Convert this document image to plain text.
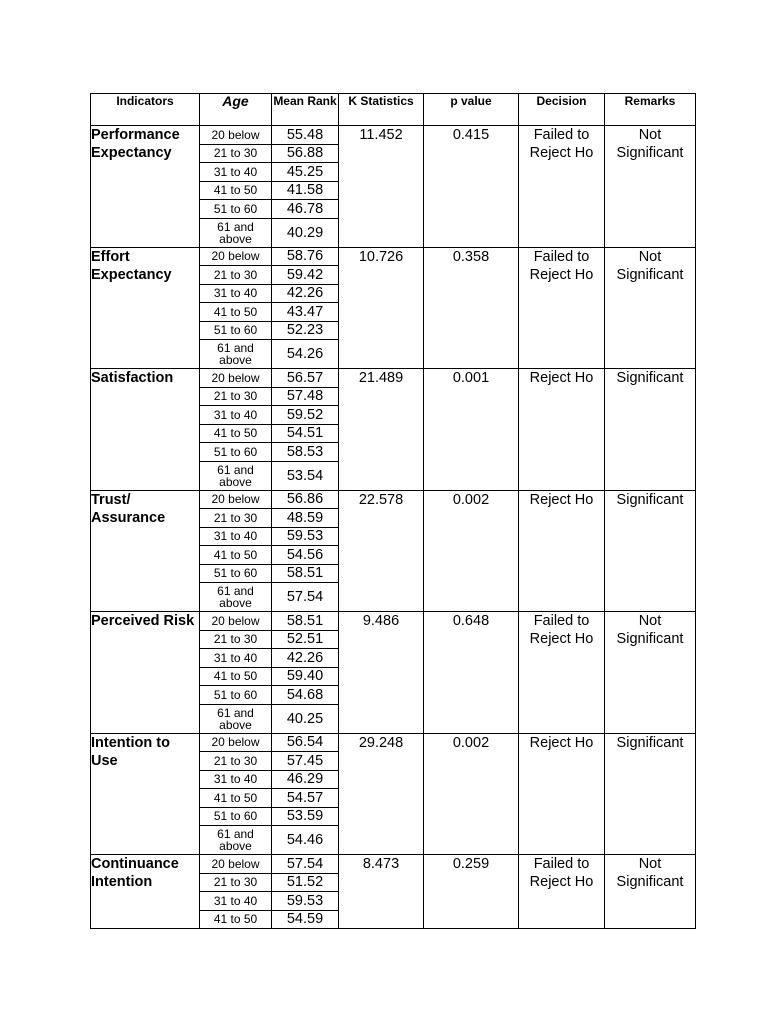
Indicators	Age	Mean Rank	K Statistics	p value	Decision	Remarks
Performance Expectancy	20 below	55.48	11.452	0.415	Failed to Reject Ho	Not Significant
	21 to 30	56.88				
	31 to 40	45.25				
	41 to 50	41.58				
	51 to 60	46.78				
	61 and above	40.29				
Effort Expectancy	20 below	58.76	10.726	0.358	Failed to Reject Ho	Not Significant
	21 to 30	59.42				
	31 to 40	42.26				
	41 to 50	43.47				
	51 to 60	52.23				
	61 and above	54.26				
Satisfaction	20 below	56.57	21.489	0.001	Reject Ho	Significant
	21 to 30	57.48				
	31 to 40	59.52				
	41 to 50	54.51				
	51 to 60	58.53				
	61 and above	53.54				
Trust/ Assurance	20 below	56.86	22.578	0.002	Reject Ho	Significant
	21 to 30	48.59				
	31 to 40	59.53				
	41 to 50	54.56				
	51 to 60	58.51				
	61 and above	57.54				
Perceived Risk	20 below	58.51	9.486	0.648	Failed to Reject Ho	Not Significant
	21 to 30	52.51				
	31 to 40	42.26				
	41 to 50	59.40				
	51 to 60	54.68				
	61 and above	40.25				
Intention to Use	20 below	56.54	29.248	0.002	Reject Ho	Significant
	21 to 30	57.45				
	31 to 40	46.29				
	41 to 50	54.57				
	51 to 60	53.59				
	61 and above	54.46				
Continuance Intention	20 below	57.54	8.473	0.259	Failed to Reject Ho	Not Significant
	21 to 30	51.52				
	31 to 40	59.53				
	41 to 50	54.59				
